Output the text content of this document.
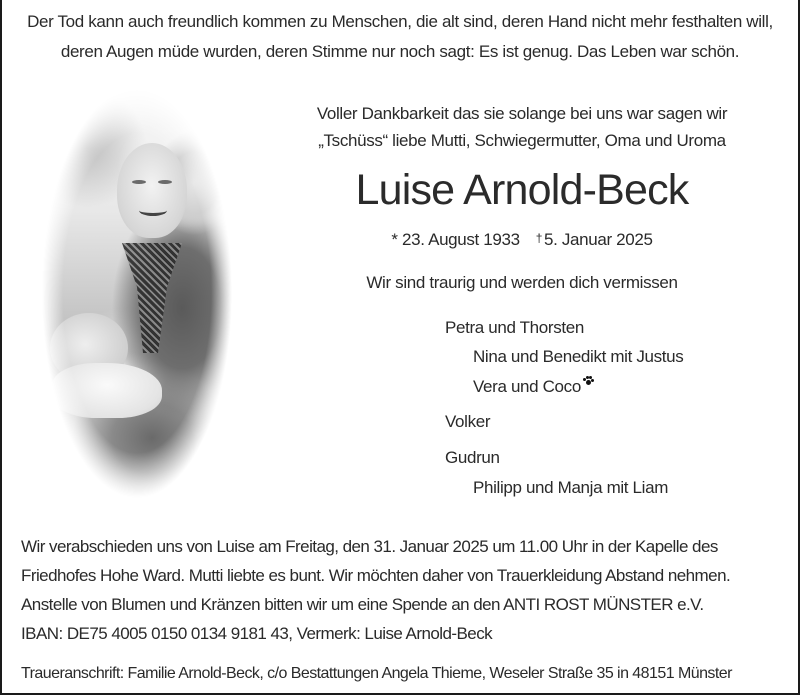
Der Tod kann auch freundlich kommen zu Menschen, die alt sind, deren Hand nicht mehr festhalten will,
deren Augen müde wurden, deren Stimme nur noch sagt: Es ist genug. Das Leben war schön.
Voller Dankbarkeit das sie solange bei uns war sagen wir
„Tschüss“ liebe Mutti, Schwiegermutter, Oma und Uroma
Luise Arnold-Beck
* 23. August 1933 † 5. Januar 2025
Wir sind traurig und werden dich vermissen
Petra und Thorsten
Nina und Benedikt mit Justus
Vera und Coco
Volker
Gudrun
Philipp und Manja mit Liam
Wir verabschieden uns von Luise am Freitag, den 31. Januar 2025 um 11.00 Uhr in der Kapelle des
Friedhofes Hohe Ward. Mutti liebte es bunt. Wir möchten daher von Trauerkleidung Abstand nehmen.
Anstelle von Blumen und Kränzen bitten wir um eine Spende an den ANTI ROST MÜNSTER e.V.
IBAN: DE75 4005 0150 0134 9181 43, Vermerk: Luise Arnold-Beck
Traueranschrift: Familie Arnold-Beck, c/o Bestattungen Angela Thieme, Weseler Straße 35 in 48151 Münster
